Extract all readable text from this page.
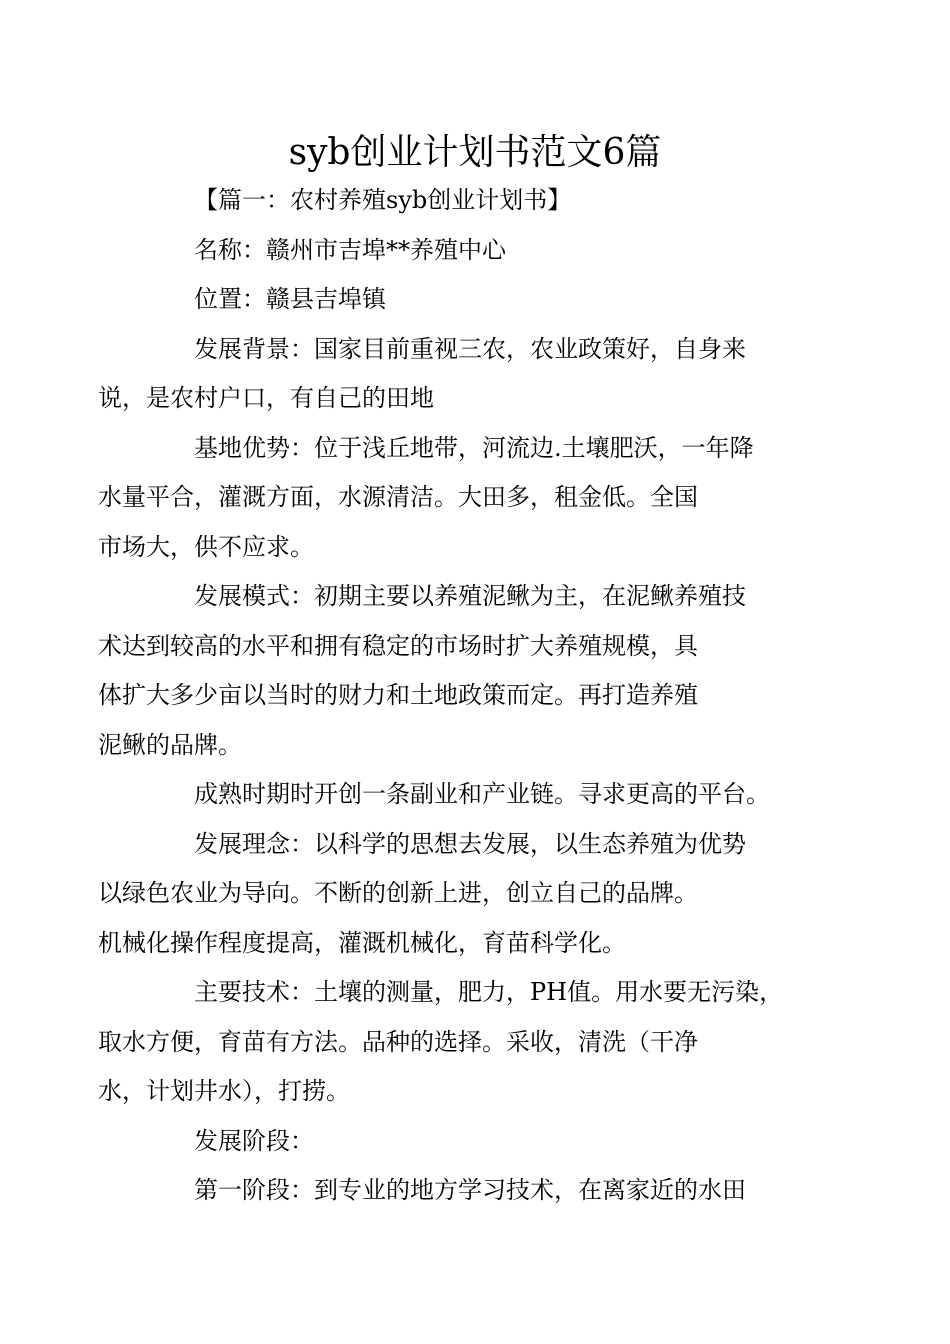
syb创业计划书范文6篇

【篇一：农村养殖syb创业计划书】

名称：赣州市吉埠**养殖中心

位置：赣县吉埠镇

发展背景：国家目前重视三农，农业政策好，自身来
说，是农村户口，有自己的田地

基地优势：位于浅丘地带，河流边.土壤肥沃，一年降
水量平合，灌溉方面，水源清洁。大田多，租金低。全国
市场大，供不应求。

发展模式：初期主要以养殖泥鳅为主，在泥鳅养殖技
术达到较高的水平和拥有稳定的市场时扩大养殖规模，具
体扩大多少亩以当时的财力和土地政策而定。再打造养殖
泥鳅的品牌。

成熟时期时开创一条副业和产业链。寻求更高的平台。

发展理念：以科学的思想去发展，以生态养殖为优势
以绿色农业为导向。不断的创新上进，创立自己的品牌。
机械化操作程度提高，灌溉机械化，育苗科学化。

主要技术：土壤的测量，肥力，PH值。用水要无污染，
取水方便，育苗有方法。品种的选择。采收，清洗（干净
水，计划井水），打捞。

发展阶段：

第一阶段：到专业的地方学习技术，在离家近的水田
